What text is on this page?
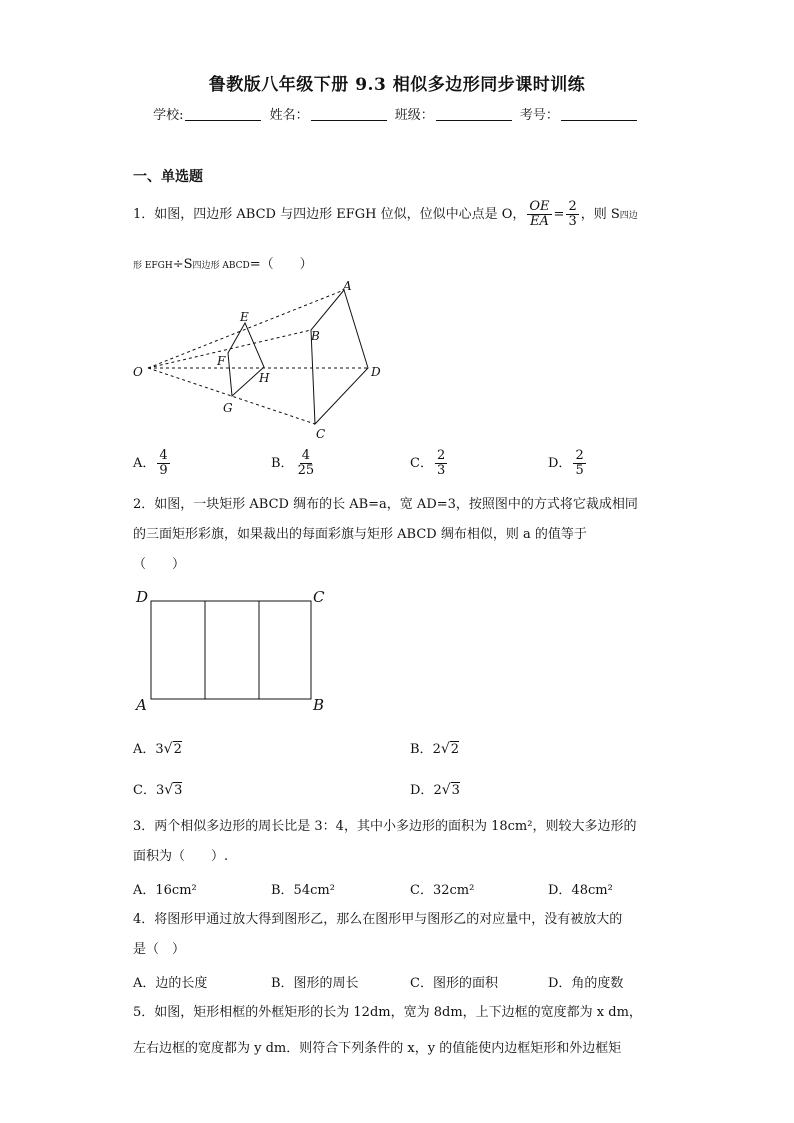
鲁教版八年级下册 9.3 相似多边形同步课时训练
学校:	姓名：	班级：	考号：
一、单选题
1．如图，四边形 ABCD 与四边形 EFGH 位似，位似中心点是 O， $\frac{OE}{EA} = \frac{2}{3}$ ，则 S四边
形 EFGH÷S四边形 ABCD=（　　）
O
A
B
C
D
E
F
G
H
A． $\frac{4}{9}$	B． $\frac{4}{25}$	C． $\frac{2}{3}$	D． $\frac{2}{5}$
2．如图，一块矩形 ABCD 绸布的长 AB=a，宽 AD=3，按照图中的方式将它裁成相同
的三面矩形彩旗，如果裁出的每面彩旗与矩形 ABCD 绸布相似，则 a 的值等于
（　　）
D	C
A	B
A．3√2	B．2√2
C．3√3	D．2√3
3．两个相似多边形的周长比是 3：4，其中小多边形的面积为 18cm²，则较大多边形的
面积为（　　）.
A．16cm²	B．54cm²	C．32cm²	D．48cm²
4．将图形甲通过放大得到图形乙，那么在图形甲与图形乙的对应量中，没有被放大的
是（　）
A．边的长度	B．图形的周长	C．图形的面积	D．角的度数
5．如图，矩形相框的外框矩形的长为 12dm，宽为 8dm，上下边框的宽度都为 x dm，
左右边框的宽度都为 y dm．则符合下列条件的 x，y 的值能使内边框矩形和外边框矩
